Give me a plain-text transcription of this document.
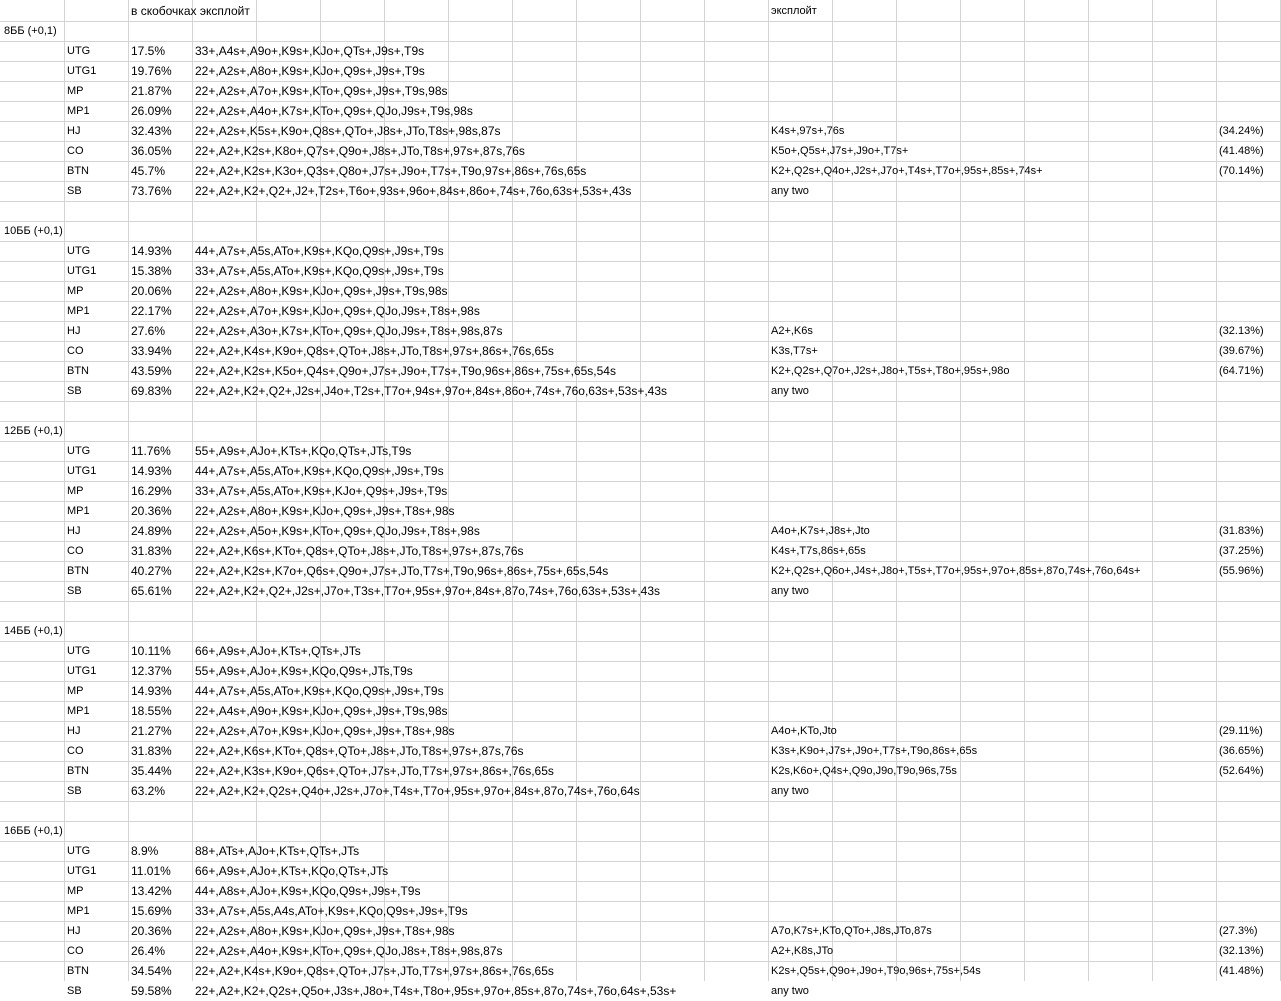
в скобочках эксплойт	эксплойт
8ББ (+0,1)
UTG	17.5% 33+,A4s+,A9o+,K9s+,KJo+,QTs+,J9s+,T9s
UTG1	19.76% 22+,A2s+,A8o+,K9s+,KJo+,Q9s+,J9s+,T9s
MP	21.87% 22+,A2s+,A7o+,K9s+,KTo+,Q9s+,J9s+,T9s,98s
MP1	26.09% 22+,A2s+,A4o+,K7s+,KTo+,Q9s+,QJo,J9s+,T9s,98s
HJ	32.43% 22+,A2s+,K5s+,K9o+,Q8s+,QTo+,J8s+,JTo,T8s+,98s,87s	K4s+,97s+,76s	(34.24%)
CO	36.05% 22+,A2+,K2s+,K8o+,Q7s+,Q9o+,J8s+,JTo,T8s+,97s+,87s,76s	K5o+,Q5s+,J7s+,J9o+,T7s+	(41.48%)
BTN	45.7% 22+,A2+,K2s+,K3o+,Q3s+,Q8o+,J7s+,J9o+,T7s+,T9o,97s+,86s+,76s,65s	K2+,Q2s+,Q4o+,J2s+,J7o+,T4s+,T7o+,95s+,85s+,74s+	(70.14%)
SB	73.76% 22+,A2+,K2+,Q2+,J2+,T2s+,T6o+,93s+,96o+,84s+,86o+,74s+,76o,63s+,53s+,43s	any two
10ББ (+0,1)
UTG	14.93% 44+,A7s+,A5s,ATo+,K9s+,KQo,Q9s+,J9s+,T9s
UTG1	15.38% 33+,A7s+,A5s,ATo+,K9s+,KQo,Q9s+,J9s+,T9s
MP	20.06% 22+,A2s+,A8o+,K9s+,KJo+,Q9s+,J9s+,T9s,98s
MP1	22.17% 22+,A2s+,A7o+,K9s+,KJo+,Q9s+,QJo,J9s+,T8s+,98s
HJ	27.6% 22+,A2s+,A3o+,K7s+,KTo+,Q9s+,QJo,J9s+,T8s+,98s,87s	A2+,K6s	(32.13%)
CO	33.94% 22+,A2+,K4s+,K9o+,Q8s+,QTo+,J8s+,JTo,T8s+,97s+,86s+,76s,65s	K3s,T7s+	(39.67%)
BTN	43.59% 22+,A2+,K2s+,K5o+,Q4s+,Q9o+,J7s+,J9o+,T7s+,T9o,96s+,86s+,75s+,65s,54s	K2+,Q2s+,Q7o+,J2s+,J8o+,T5s+,T8o+,95s+,98o	(64.71%)
SB	69.83% 22+,A2+,K2+,Q2+,J2s+,J4o+,T2s+,T7o+,94s+,97o+,84s+,86o+,74s+,76o,63s+,53s+,43s	any two
12ББ (+0,1)
UTG	11.76% 55+,A9s+,AJo+,KTs+,KQo,QTs+,JTs,T9s
UTG1	14.93% 44+,A7s+,A5s,ATo+,K9s+,KQo,Q9s+,J9s+,T9s
MP	16.29% 33+,A7s+,A5s,ATo+,K9s+,KJo+,Q9s+,J9s+,T9s
MP1	20.36% 22+,A2s+,A8o+,K9s+,KJo+,Q9s+,J9s+,T8s+,98s
HJ	24.89% 22+,A2s+,A5o+,K9s+,KTo+,Q9s+,QJo,J9s+,T8s+,98s	A4o+,K7s+,J8s+,Jto	(31.83%)
CO	31.83% 22+,A2+,K6s+,KTo+,Q8s+,QTo+,J8s+,JTo,T8s+,97s+,87s,76s	K4s+,T7s,86s+,65s	(37.25%)
BTN	40.27% 22+,A2+,K2s+,K7o+,Q6s+,Q9o+,J7s+,JTo,T7s+,T9o,96s+,86s+,75s+,65s,54s	K2+,Q2s+,Q6o+,J4s+,J8o+,T5s+,T7o+,95s+,97o+,85s+,87o,74s+,76o,64s+	(55.96%)
SB	65.61% 22+,A2+,K2+,Q2+,J2s+,J7o+,T3s+,T7o+,95s+,97o+,84s+,87o,74s+,76o,63s+,53s+,43s	any two
14ББ (+0,1)
UTG	10.11% 66+,A9s+,AJo+,KTs+,QTs+,JTs
UTG1	12.37% 55+,A9s+,AJo+,K9s+,KQo,Q9s+,JTs,T9s
MP	14.93% 44+,A7s+,A5s,ATo+,K9s+,KQo,Q9s+,J9s+,T9s
MP1	18.55% 22+,A4s+,A9o+,K9s+,KJo+,Q9s+,J9s+,T9s,98s
HJ	21.27% 22+,A2s+,A7o+,K9s+,KJo+,Q9s+,J9s+,T8s+,98s	A4o+,KTo,Jto	(29.11%)
CO	31.83% 22+,A2+,K6s+,KTo+,Q8s+,QTo+,J8s+,JTo,T8s+,97s+,87s,76s	K3s+,K9o+,J7s+,J9o+,T7s+,T9o,86s+,65s	(36.65%)
BTN	35.44% 22+,A2+,K3s+,K9o+,Q6s+,QTo+,J7s+,JTo,T7s+,97s+,86s+,76s,65s	K2s,K6o+,Q4s+,Q9o,J9o,T9o,96s,75s	(52.64%)
SB	63.2% 22+,A2+,K2+,Q2s+,Q4o+,J2s+,J7o+,T4s+,T7o+,95s+,97o+,84s+,87o,74s+,76o,64s	any two
16ББ (+0,1)
UTG	8.9%	88+,ATs+,AJo+,KTs+,QTs+,JTs
UTG1	11.01% 66+,A9s+,AJo+,KTs+,KQo,QTs+,JTs
MP	13.42% 44+,A8s+,AJo+,K9s+,KQo,Q9s+,J9s+,T9s
MP1	15.69% 33+,A7s+,A5s,A4s,ATo+,K9s+,KQo,Q9s+,J9s+,T9s
HJ	20.36% 22+,A2s+,A8o+,K9s+,KJo+,Q9s+,J9s+,T8s+,98s	A7o,K7s+,KTo,QTo+,J8s,JTo,87s	(27.3%)
CO	26.4% 22+,A2s+,A4o+,K9s+,KTo+,Q9s+,QJo,J8s+,T8s+,98s,87s	A2+,K8s,JTo	(32.13%)
BTN	34.54% 22+,A2+,K4s+,K9o+,Q8s+,QTo+,J7s+,JTo,T7s+,97s+,86s+,76s,65s	K2s+,Q5s+,Q9o+,J9o+,T9o,96s+,75s+,54s	(41.48%)
SB	59.58% 22+,A2+,K2+,Q2s+,Q5o+,J3s+,J8o+,T4s+,T8o+,95s+,97o+,85s+,87o,74s+,76o,64s+,53s+	any two
